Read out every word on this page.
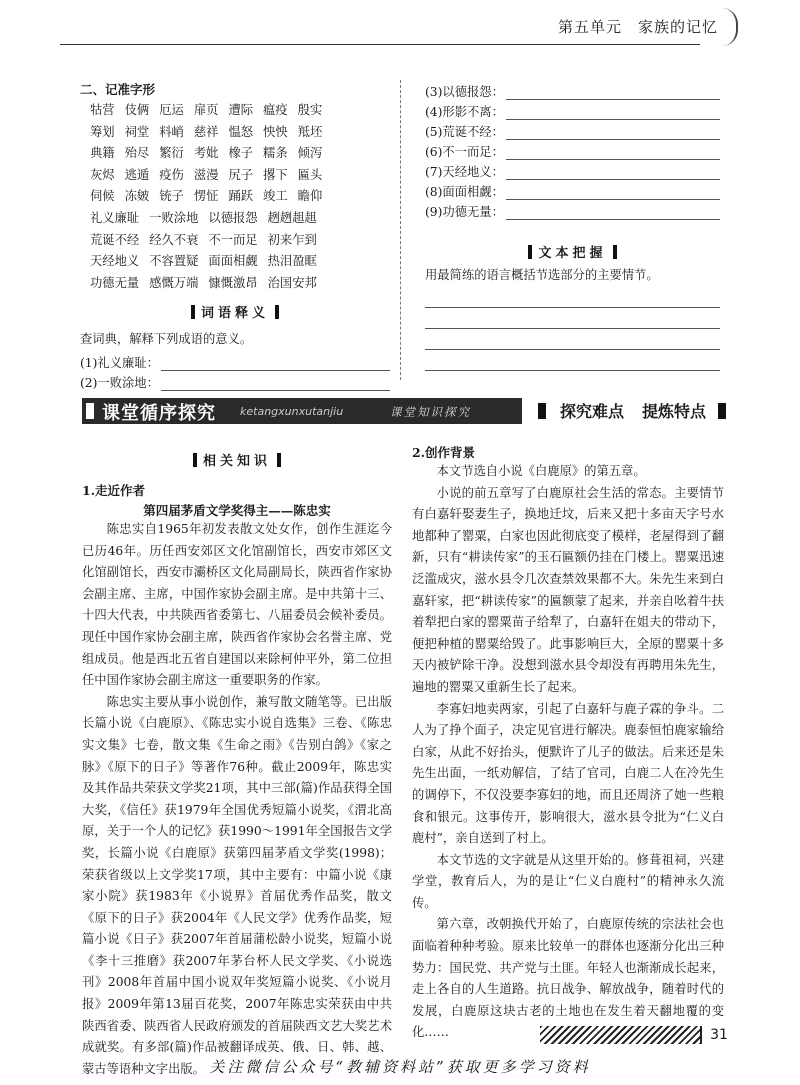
第五单元　家族的记忆
二、记准字形
牯营 伎俩 厄运 扉页 遭际 瘟疫 殷实
筹划 祠堂 料峭 慈祥 愠怒 怏怏 羝坯
典籍 殆尽 繁衍 考妣 橡子 糯条 倾泻
灰烬 逃遁 疫伤 滋漫 尻子 撂下 匾头
伺候 冻皴 铳子 愣怔 踊跃 竣工 瞻仰
礼义廉耻 一败涂地 以德报怨 趔趔趄趄
荒诞不经 经久不衰 不一而足 初来乍到
天经地义 不容置疑 面面相觑 热泪盈眶
功德无量 感慨万端 慷慨激昂 治国安邦
词语释义
查词典，解释下列成语的意义。
(1)礼义廉耻：
(2)一败涂地：
(3)以德报怨：
(4)形影不离：
(5)荒诞不经：
(6)不一而足：
(7)天经地义：
(8)面面相觑：
(9)功德无量：
文本把握
用最简练的语言概括节选部分的主要情节。
课堂循序探究 ketangxunxutanjiu	课堂知识探究	探究难点 提炼特点
相关知识
1.走近作者
第四届茅盾文学奖得主——陈忠实

陈忠实自1965年初发表散文处女作，创作生涯迄今已历46年。历任西安郊区文化馆副馆长，西安市郊区文化馆副馆长，西安市灞桥区文化局副局长，陕西省作家协会副主席、主席，中国作家协会副主席。是中共第十三、十四大代表，中共陕西省委第七、八届委员会候补委员。现任中国作家协会副主席，陕西省作家协会名誉主席、党组成员。他是西北五省自建国以来除柯仲平外，第二位担任中国作家协会副主席这一重要职务的作家。

陈忠实主要从事小说创作，兼写散文随笔等。已出版长篇小说《白鹿原》、《陈忠实小说自选集》三卷、《陈忠实文集》七卷，散文集《生命之雨》《告别白鸽》《家之脉》《原下的日子》等著作76种。截止2009年，陈忠实及其作品共荣获文学奖21项，其中三部(篇)作品获得全国大奖，《信任》获1979年全国优秀短篇小说奖，《渭北高原，关于一个人的记忆》获1990～1991年全国报告文学奖，长篇小说《白鹿原》获第四届茅盾文学奖(1998)；荣获省级以上文学奖17项，其中主要有：中篇小说《康家小院》获1983年《小说界》首届优秀作品奖，散文《原下的日子》获2004年《人民文学》优秀作品奖，短篇小说《日子》获2007年首届蒲松龄小说奖，短篇小说《李十三推磨》获2007年茅台杯人民文学奖、《小说选刊》2008年首届中国小说双年奖短篇小说奖、《小说月报》2009年第13届百花奖，2007年陈忠实荣获由中共陕西省委、陕西省人民政府颁发的首届陕西文艺大奖艺术成就奖。有多部(篇)作品被翻译成英、俄、日、韩、越、蒙古等语种文字出版。

2.创作背景

本文节选自小说《白鹿原》的第五章。

小说的前五章写了白鹿原社会生活的常态。主要情节有白嘉轩娶妻生子，换地迁坟，后来又把十多亩天字号水地都种了罂粟，白家也因此彻底变了模样，老屋得到了翻新，只有“耕读传家”的玉石匾额仍挂在门楼上。罂粟迅速泛滥成灾，滋水县令几次查禁效果都不大。朱先生来到白嘉轩家，把“耕读传家”的匾额蒙了起来，并亲自吆着牛扶着犁把白家的罂粟苗子给犁了，白嘉轩在姐夫的带动下，便把种植的罂粟给毁了。此事影响巨大，全原的罂粟十多天内被铲除干净。没想到滋水县令却没有再聘用朱先生，遍地的罂粟又重新生长了起来。

李寡妇地卖两家，引起了白嘉轩与鹿子霖的争斗。二人为了挣个面子，决定见官进行解决。鹿泰恒怕鹿家输给白家，从此不好抬头，便默许了儿子的做法。后来还是朱先生出面，一纸劝解信，了结了官司，白鹿二人在冷先生的调停下，不仅没要李寡妇的地，而且还周济了她一些粮食和银元。这事传开，影响很大，滋水县令批为“仁义白鹿村”，亲自送到了村上。

本文节选的文字就是从这里开始的。修葺祖祠，兴建学堂，教育后人，为的是让“仁义白鹿村”的精神永久流传。

第六章，改朝换代开始了，白鹿原传统的宗法社会也面临着种种考验。原来比较单一的群体也逐渐分化出三种势力：国民党、共产党与土匪。年轻人也渐渐成长起来，走上各自的人生道路。抗日战争、解放战争，随着时代的发展，白鹿原这块古老的土地也在发生着天翻地覆的变化……	31
关注微信公众号“教辅资料站”获取更多学习资料
